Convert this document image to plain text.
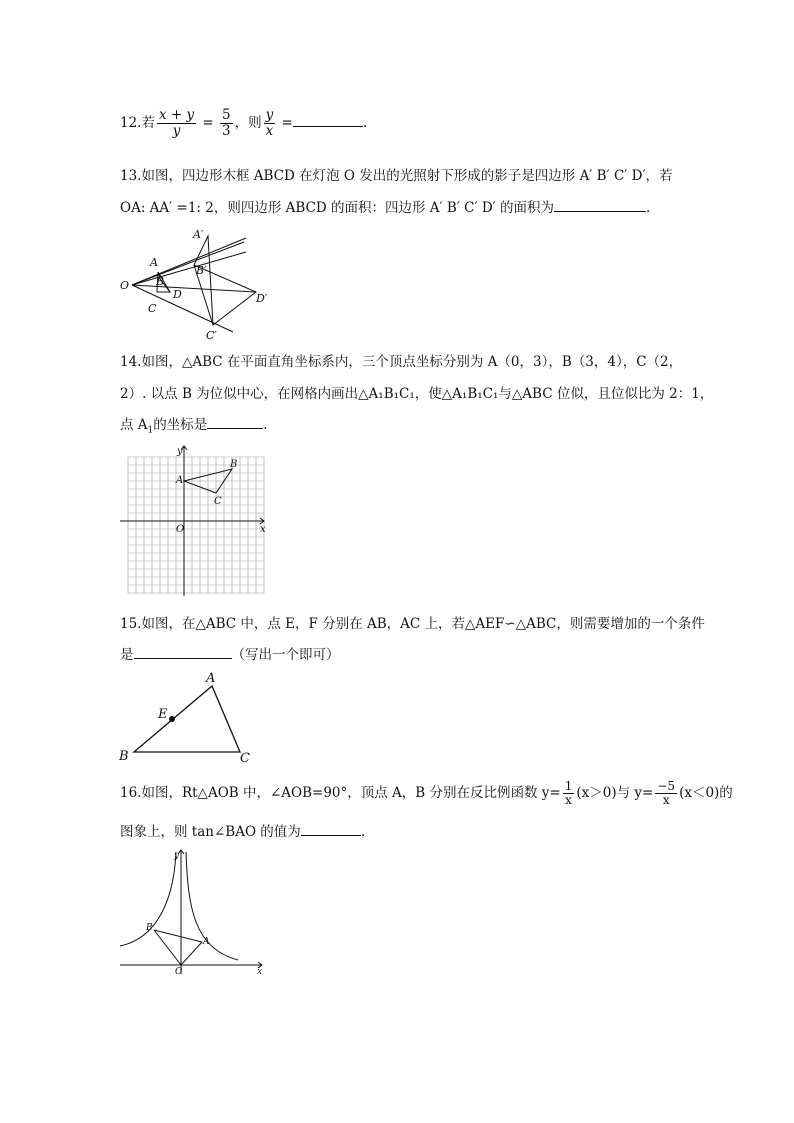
12.若 $\frac{x + y}{y} = \frac{5}{3}$ ，则 $\frac{y}{x}$ =	.
13.如图，四边形木框 ABCD 在灯泡 O 发出的光照射下形成的影子是四边形 A′ B′ C′ D′，若
OA: AA′ =1: 2，则四边形 ABCD 的面积：四边形 A′ B′ C′ D′ 的面积为	.
O
A
B
D
C
A′
B′
D′
C′
14.如图，△ABC 在平面直角坐标系内，三个顶点坐标分别为 A（0，3），B（3，4），C（2，
2）. 以点 B 为位似中心，在网格内画出△A₁B₁C₁，使△A₁B₁C₁与△ABC 位似，且位似比为 2：1，
点 $A_1$的坐标是	.
y
x
O
A
B
C
15.如图，在△ABC 中，点 E，F 分别在 AB，AC 上，若△AEF∽△ABC，则需要增加的一个条件
是	（写出一个即可）
A
B	C
E
16.如图，Rt△AOB 中，∠AOB=90°，顶点 A，B 分别在反比例函数 $y= \frac{1}{x} (x>0)$与 $y= \frac{-5}{x} (x<0)$的
图象上，则 tan∠BAO 的值为	.
y
x
O
A
B
